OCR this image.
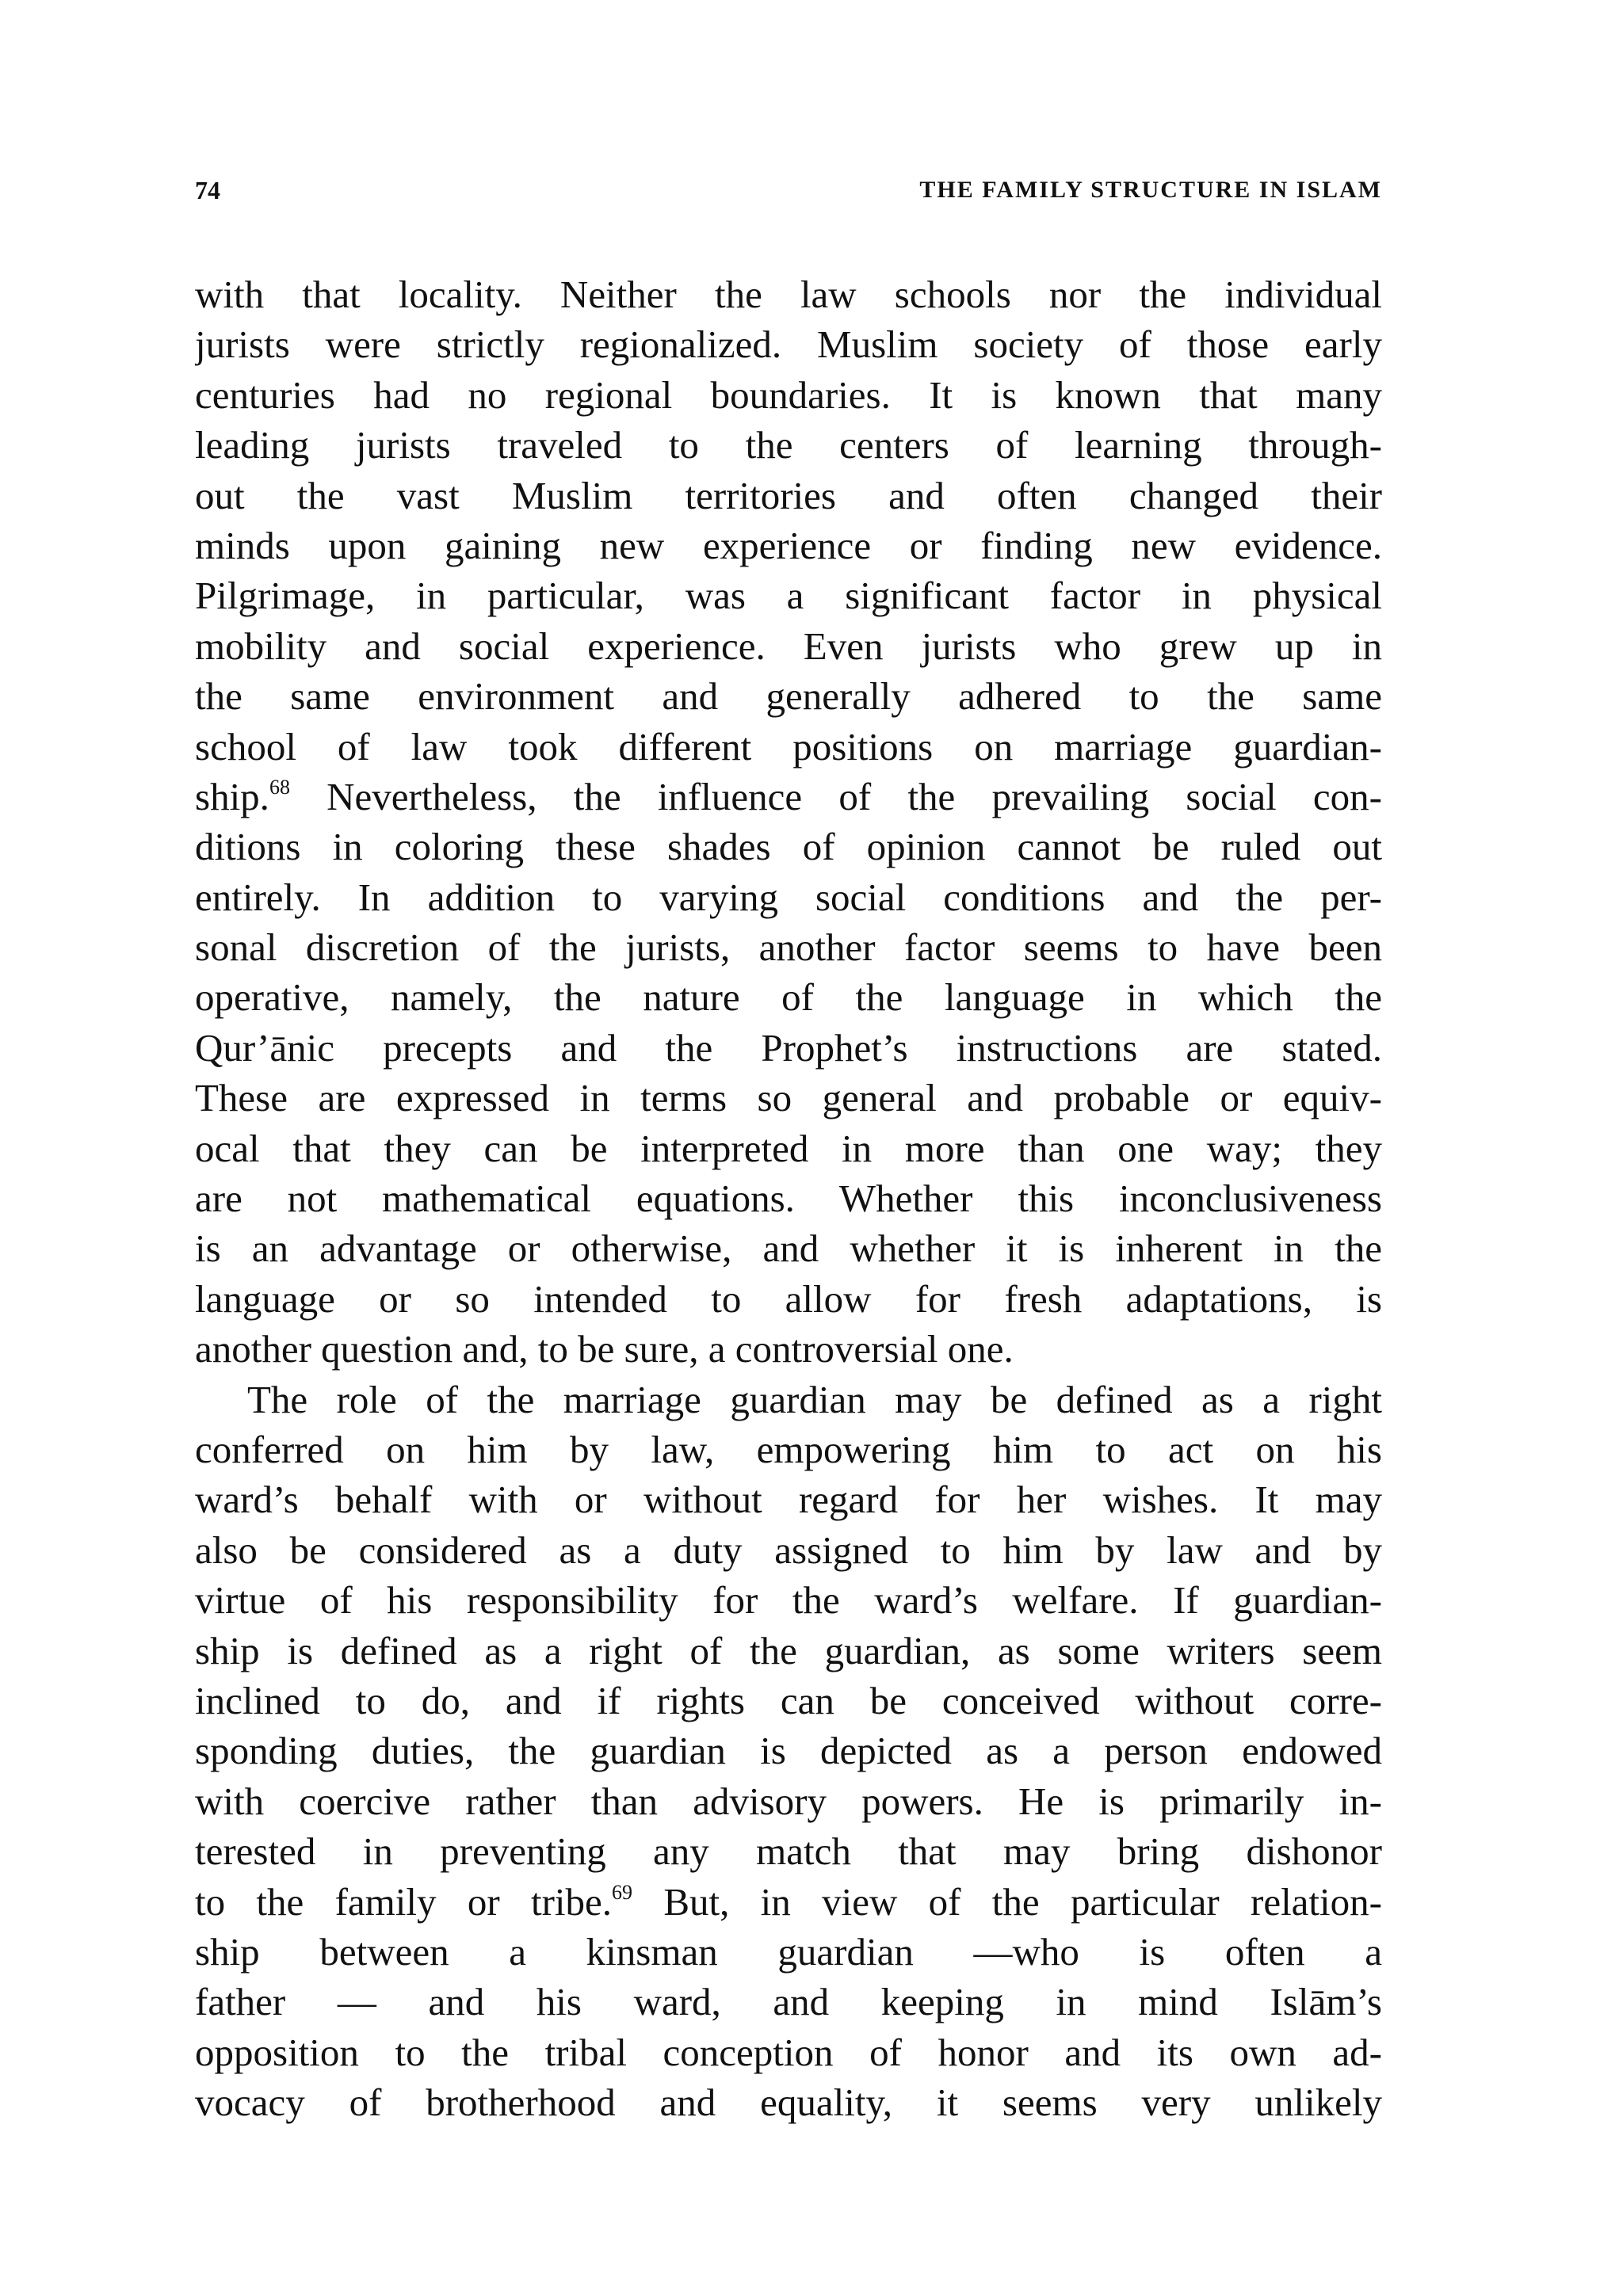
74	THE FAMILY STRUCTURE IN ISLAM
with that locality. Neither the law schools nor the individual
jurists were strictly regionalized. Muslim society of those early
centuries had no regional boundaries. It is known that many
leading jurists traveled to the centers of learning through-
out the vast Muslim territories and often changed their
minds upon gaining new experience or finding new evidence.
Pilgrimage, in particular, was a significant factor in physical
mobility and social experience. Even jurists who grew up in
the same environment and generally adhered to the same
school of law took different positions on marriage guardian-
ship.$^{68}$ Nevertheless, the influence of the prevailing social con-
ditions in coloring these shades of opinion cannot be ruled out
entirely. In addition to varying social conditions and the per-
sonal discretion of the jurists, another factor seems to have been
operative, namely, the nature of the language in which the
Qur’ānic precepts and the Prophet’s instructions are stated.
These are expressed in terms so general and probable or equiv-
ocal that they can be interpreted in more than one way; they
are not mathematical equations. Whether this inconclusiveness
is an advantage or otherwise, and whether it is inherent in the
language or so intended to allow for fresh adaptations, is
another question and, to be sure, a controversial one.
The role of the marriage guardian may be defined as a right
conferred on him by law, empowering him to act on his
ward’s behalf with or without regard for her wishes. It may
also be considered as a duty assigned to him by law and by
virtue of his responsibility for the ward’s welfare. If guardian-
ship is defined as a right of the guardian, as some writers seem
inclined to do, and if rights can be conceived without corre-
sponding duties, the guardian is depicted as a person endowed
with coercive rather than advisory powers. He is primarily in-
terested in preventing any match that may bring dishonor
to the family or tribe.$^{69}$ But, in view of the particular relation-
ship between a kinsman guardian —who is often a
father — and his ward, and keeping in mind Islām’s
opposition to the tribal conception of honor and its own ad-
vocacy of brotherhood and equality, it seems very unlikely
